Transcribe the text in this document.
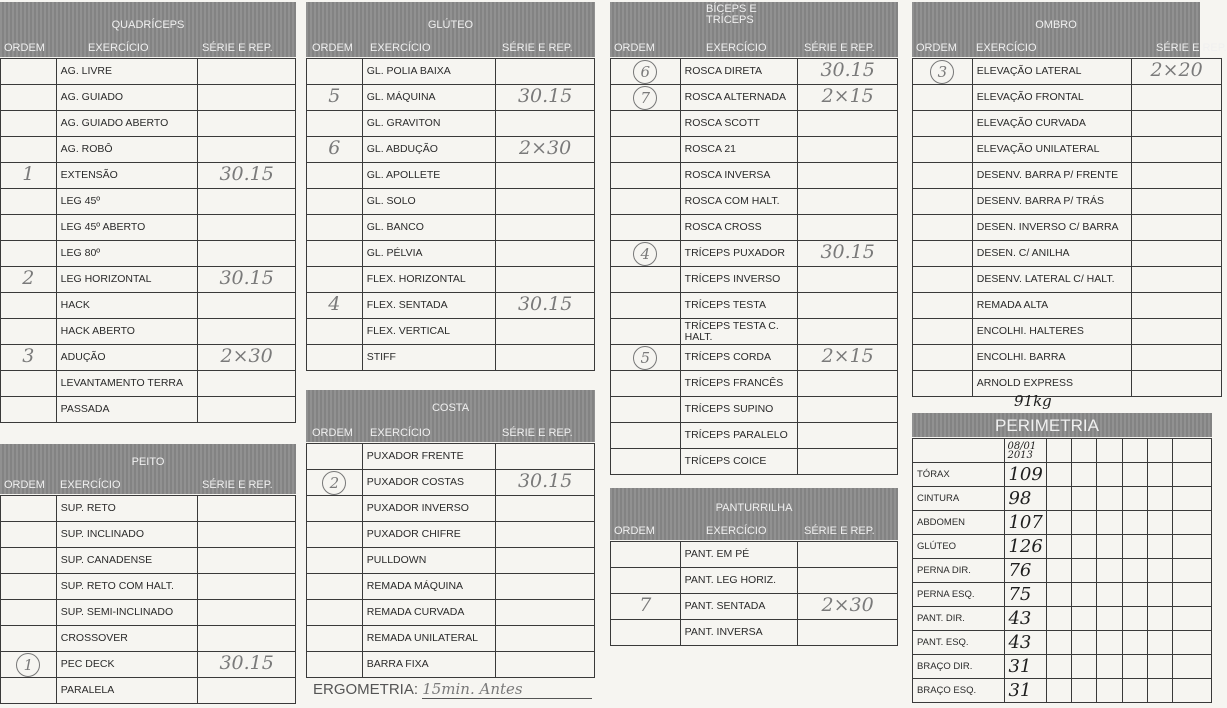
QUADRÍCEPS
ORDEM	EXERCÍCIO	SÉRIE E REP.
	AG. LIVRE	
	AG. GUIADO	
	AG. GUIADO ABERTO	
	AG. ROBÔ	
1	EXTENSÃO	30.15
	LEG 45º	
	LEG 45º ABERTO	
	LEG 80º	
2	LEG HORIZONTAL	30.15
	HACK	
	HACK ABERTO	
3	ADUÇÃO	2×30
	LEVANTAMENTO TERRA	
	PASSADA	
PEITO
ORDEM EXERCÍCIO	SÉRIE E REP.
	SUP. RETO	
	SUP. INCLINADO	
	SUP. CANADENSE	
	SUP. RETO COM HALT.	
	SUP. SEMI-INCLINADO	
	CROSSOVER	
1	PEC DECK	30.15
	PARALELA	
GLÚTEO
ORDEM EXERCÍCIO	SÉRIE E REP.
	GL. POLIA BAIXA	
5	GL. MÁQUINA	30.15
	GL. GRAVITON	
6	GL. ABDUÇÃO	2×30
	GL. APOLLETE	
	GL. SOLO	
	GL. BANCO	
	GL. PÉLVIA	
	FLEX. HORIZONTAL	
4	FLEX. SENTADA	30.15
	FLEX. VERTICAL	
	STIFF	
COSTA
ORDEM EXERCÍCIO	SÉRIE E REP.
	PUXADOR FRENTE	
2	PUXADOR COSTAS	30.15
	PUXADOR INVERSO	
	PUXADOR CHIFRE	
	PULLDOWN	
	REMADA MÁQUINA	
	REMADA CURVADA	
	REMADA UNILATERAL	
	BARRA FIXA	
ERGOMETRIA: 15min. Antes
BÍCEPS E TRÍCEPS
ORDEM	EXERCÍCIO	SÉRIE E REP.
6	ROSCA DIRETA	30.15
7	ROSCA ALTERNADA	2×15
	ROSCA SCOTT	
	ROSCA 21	
	ROSCA INVERSA	
	ROSCA COM HALT.	
	ROSCA CROSS	
4	TRÍCEPS PUXADOR	30.15
	TRÍCEPS INVERSO	
	TRÍCEPS TESTA	
	TRÍCEPS TESTA C. HALT.	
5	TRÍCEPS CORDA	2×15
	TRÍCEPS FRANCÊS	
	TRÍCEPS SUPINO	
	TRÍCEPS PARALELO	
	TRÍCEPS COICE	
PANTURRILHA
ORDEM	EXERCÍCIO	SÉRIE E REP.
	PANT. EM PÉ	
	PANT. LEG HORIZ.	
7	PANT. SENTADA	2×30
	PANT. INVERSA	
OMBRO
ORDEM EXERCÍCIO	SÉRIE E REP.
3	ELEVAÇÃO LATERAL	2×20
	ELEVAÇÃO FRONTAL	
	ELEVAÇÃO CURVADA	
	ELEVAÇÃO UNILATERAL	
	DESENV. BARRA P/ FRENTE	
	DESENV. BARRA P/ TRÁS	
	DESEN. INVERSO C/ BARRA	
	DESEN. C/ ANILHA	
	DESENV. LATERAL C/ HALT.	
	REMADA ALTA	
	ENCOLHI. HALTERES	
	ENCOLHI. BARRA	
	ARNOLD EXPRESS	
91kg
PERIMETRIA
	08/01 2013						
TÓRAX	109						
CINTURA	98						
ABDOMEN	107						
GLÚTEO	126						
PERNA DIR.	76						
PERNA ESQ.	75						
PANT. DIR.	43						
PANT. ESQ.	43						
BRAÇO DIR.	31						
BRAÇO ESQ.	31						
